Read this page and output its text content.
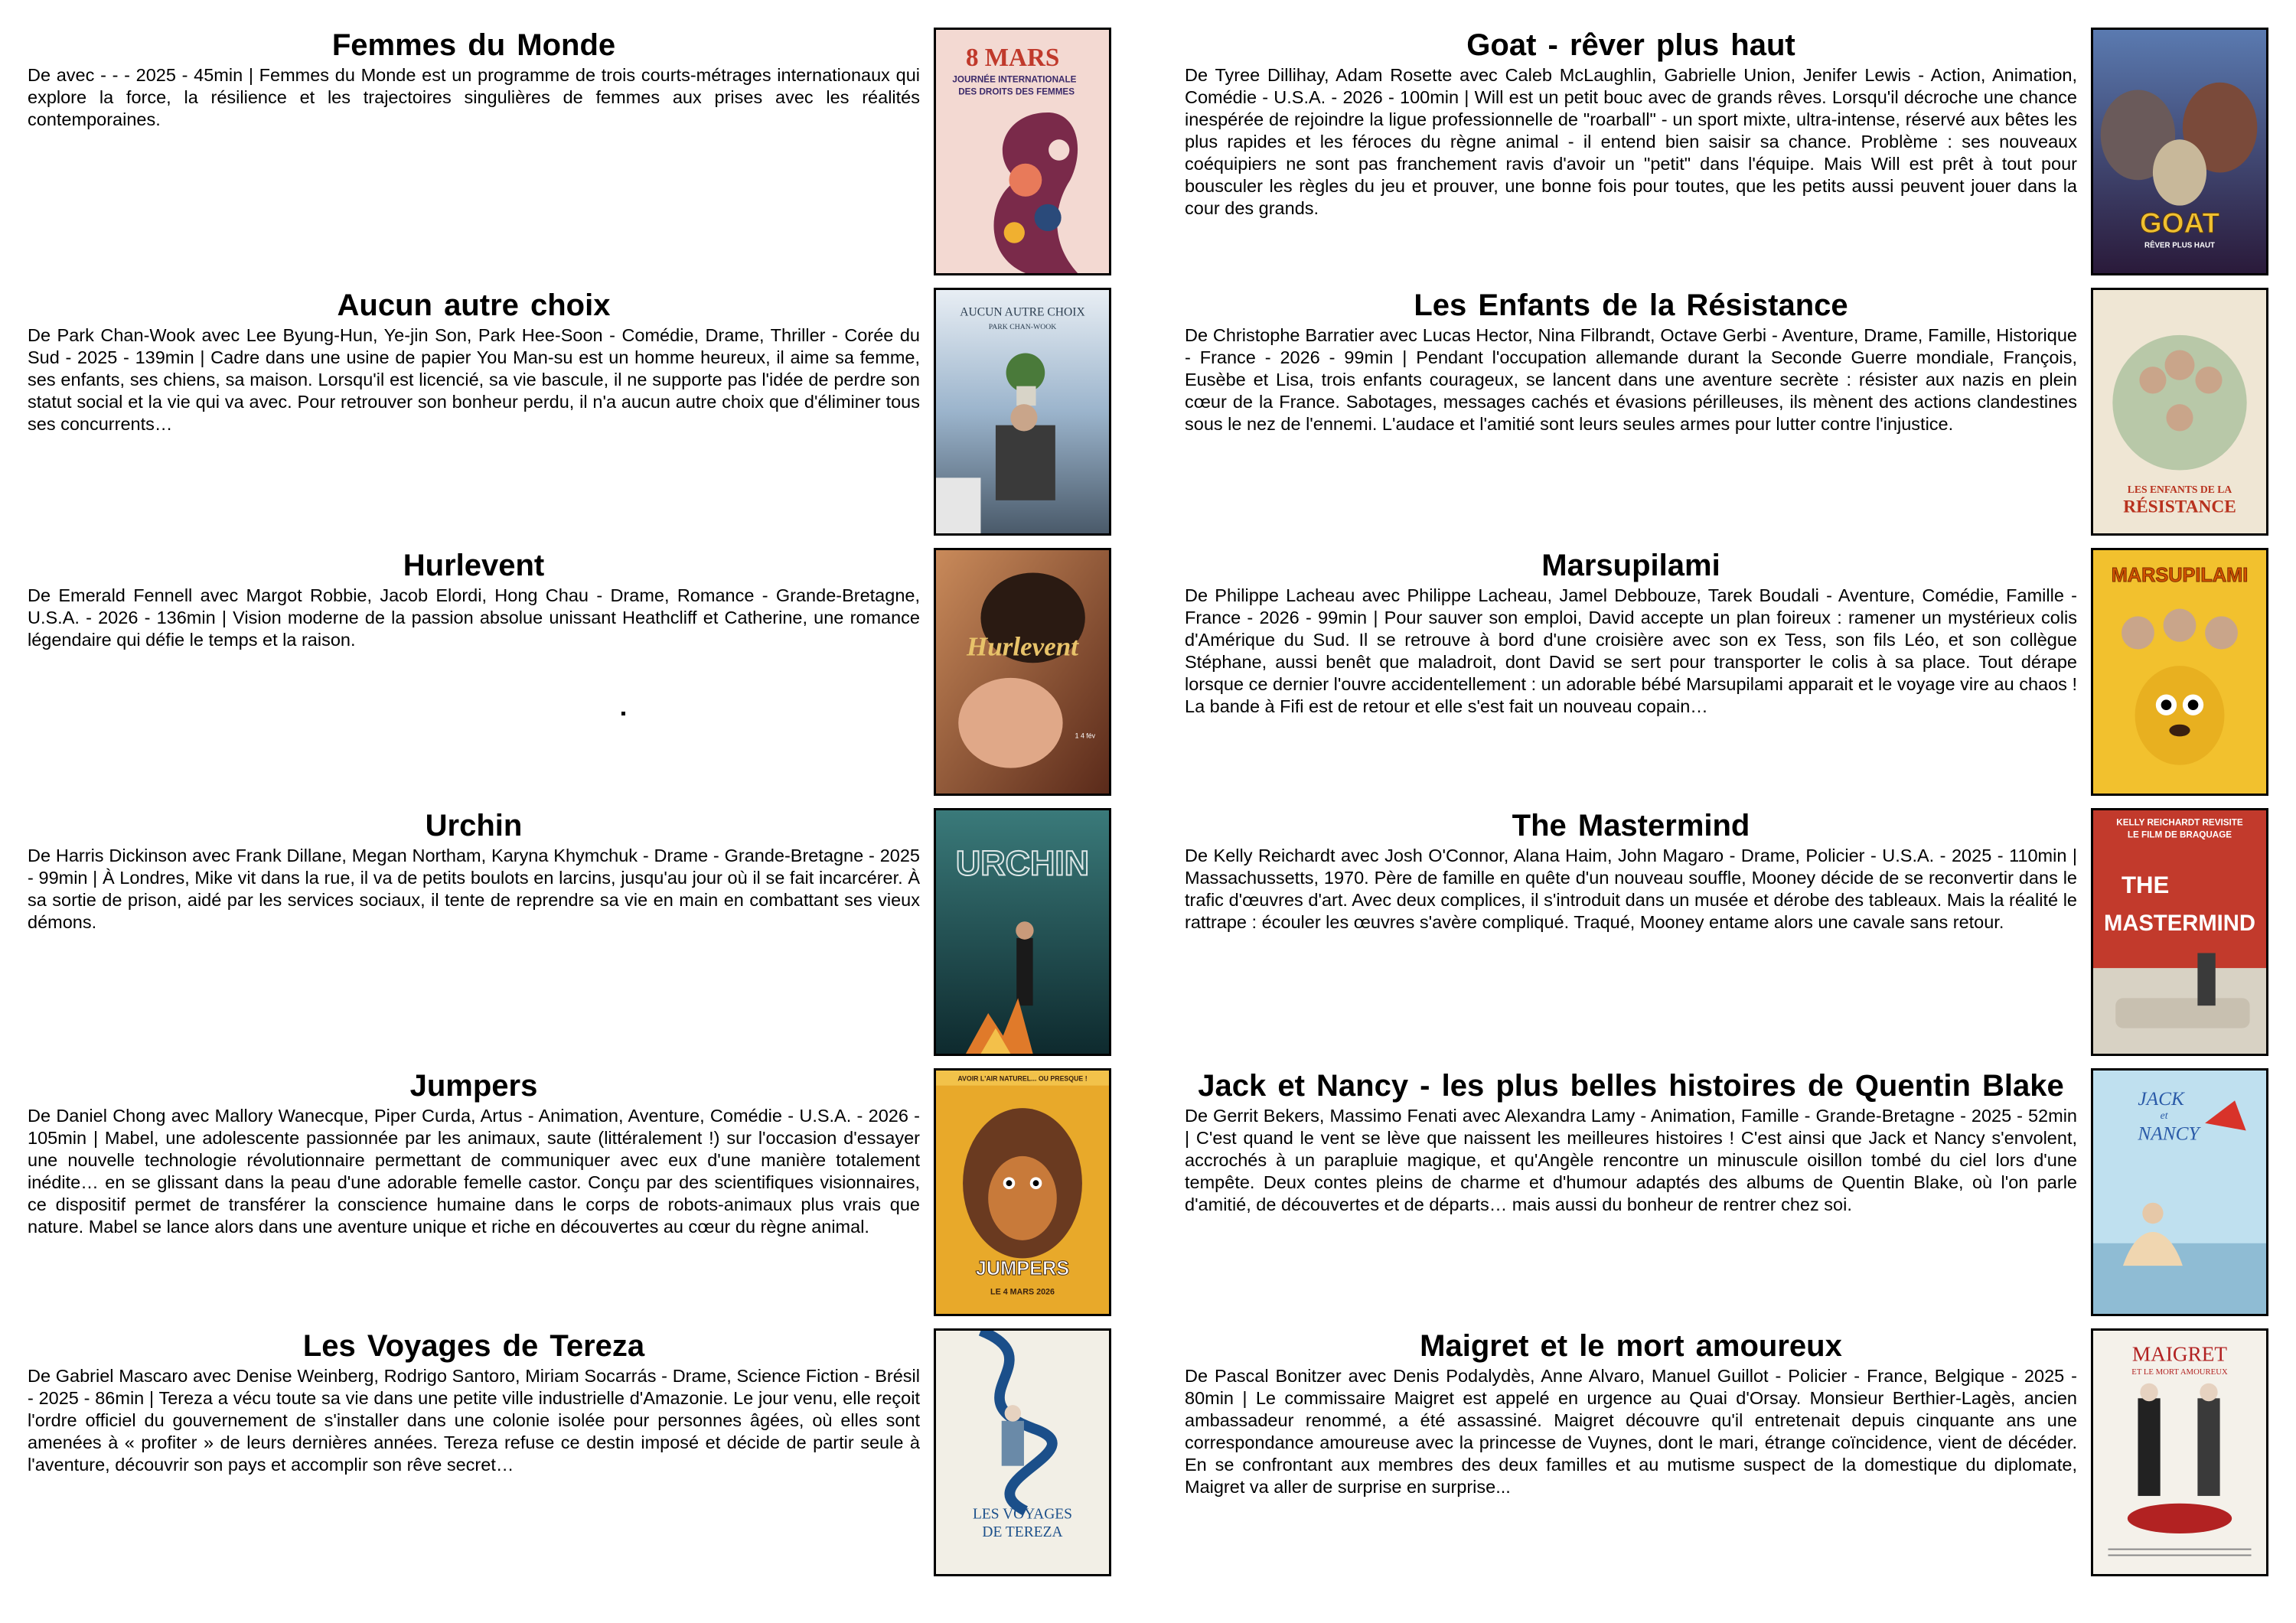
Femmes du Monde

De avec - - - 2025 - 45min | Femmes du Monde est un programme de trois courts-métrages internationaux qui explore la force, la résilience et les trajectoires singulières de femmes aux prises avec les réalités contemporaines.

8 MARS
JOURNÉE INTERNATIONALE
DES DROITS DES FEMMES
Aucun autre choix

De Park Chan-Wook avec Lee Byung-Hun, Ye-jin Son, Park Hee-Soon - Comédie, Drame, Thriller - Corée du Sud - 2025 - 139min | Cadre dans une usine de papier You Man-su est un homme heureux, il aime sa femme, ses enfants, ses chiens, sa maison. Lorsqu'il est licencié, sa vie bascule, il ne supporte pas l'idée de perdre son statut social et la vie qui va avec. Pour retrouver son bonheur perdu, il n'a aucun autre choix que d'éliminer tous ses concurrents…

AUCUN AUTRE CHOIX
PARK CHAN-WOOK
Hurlevent

De Emerald Fennell avec Margot Robbie, Jacob Elordi, Hong Chau - Drame, Romance - Grande-Bretagne, U.S.A. - 2026 - 136min | Vision moderne de la passion absolue unissant Heathcliff et Catherine, une romance légendaire qui défie le temps et la raison.	Hurlevent
1 4 fév
Urchin

De Harris Dickinson avec Frank Dillane, Megan Northam, Karyna Khymchuk - Drame - Grande-Bretagne - 2025 - 99min | À Londres, Mike vit dans la rue, il va de petits boulots en larcins, jusqu'au jour où il se fait incarcérer. À sa sortie de prison, aidé par les services sociaux, il tente de reprendre sa vie en main en combattant ses vieux démons.

URCHIN
Jumpers

De Daniel Chong avec Mallory Wanecque, Piper Curda, Artus - Animation, Aventure, Comédie - U.S.A. - 2026 - 105min | Mabel, une adolescente passionnée par les animaux, saute (littéralement !) sur l'occasion d'essayer une nouvelle technologie révolutionnaire permettant de communiquer avec eux d'une manière totalement inédite… en se glissant dans la peau d'une adorable femelle castor. Conçu par des scientifiques visionnaires, ce dispositif permet de transférer la conscience humaine dans le corps de robots-animaux plus vrais que nature. Mabel se lance alors dans une aventure unique et riche en découvertes au cœur du règne animal.

AVOIR L'AIR NATUREL... OU PRESQUE !
JUMPERS
LE 4 MARS 2026
Les Voyages de Tereza

De Gabriel Mascaro avec Denise Weinberg, Rodrigo Santoro, Miriam Socarrás - Drame, Science Fiction - Brésil - 2025 - 86min | Tereza a vécu toute sa vie dans une petite ville industrielle d'Amazonie. Le jour venu, elle reçoit l'ordre officiel du gouvernement de s'installer dans une colonie isolée pour personnes âgées, où elles sont amenées à « profiter » de leurs dernières années. Tereza refuse ce destin imposé et décide de partir seule à l'aventure, découvrir son pays et accomplir son rêve secret…

LES VOYAGES
DE TEREZA
Goat - rêver plus haut

De Tyree Dillihay, Adam Rosette avec Caleb McLaughlin, Gabrielle Union, Jenifer Lewis - Action, Animation, Comédie - U.S.A. - 2026 - 100min | Will est un petit bouc avec de grands rêves. Lorsqu'il décroche une chance inespérée de rejoindre la ligue professionnelle de "roarball" - un sport mixte, ultra-intense, réservé aux bêtes les plus rapides et les féroces du règne animal - il entend bien saisir sa chance. Problème : ses nouveaux coéquipiers ne sont pas franchement ravis d'avoir un "petit" dans l'équipe. Mais Will est prêt à tout pour bousculer les règles du jeu et prouver, une bonne fois pour toutes, que les petits aussi peuvent jouer dans la cour des grands.	GOAT
RÊVER PLUS HAUT
Les Enfants de la Résistance

De Christophe Barratier avec Lucas Hector, Nina Filbrandt, Octave Gerbi - Aventure, Drame, Famille, Historique - France - 2026 - 99min | Pendant l'occupation allemande durant la Seconde Guerre mondiale, François, Eusèbe et Lisa, trois enfants courageux, se lancent dans une aventure secrète : résister aux nazis en plein cœur de la France. Sabotages, messages cachés et évasions périlleuses, ils mènent des actions clandestines sous le nez de l'ennemi. L'audace et l'amitié sont leurs seules armes pour lutter contre l'injustice.

LES ENFANTS DE LA
RÉSISTANCE
Marsupilami

De Philippe Lacheau avec Philippe Lacheau, Jamel Debbouze, Tarek Boudali - Aventure, Comédie, Famille - France - 2026 - 99min | Pour sauver son emploi, David accepte un plan foireux : ramener un mystérieux colis d'Amérique du Sud. Il se retrouve à bord d'une croisière avec son ex Tess, son fils Léo, et son collègue Stéphane, aussi benêt que maladroit, dont David se sert pour transporter le colis à sa place. Tout dérape lorsque ce dernier l'ouvre accidentellement : un adorable bébé Marsupilami apparait et le voyage vire au chaos ! La bande à Fifi est de retour et elle s'est fait un nouveau copain…

MARSUPILAMI
The Mastermind

De Kelly Reichardt avec Josh O'Connor, Alana Haim, John Magaro - Drame, Policier - U.S.A. - 2025 - 110min | Massachussetts, 1970. Père de famille en quête d'un nouveau souffle, Mooney décide de se reconvertir dans le trafic d'œuvres d'art. Avec deux complices, il s'introduit dans un musée et dérobe des tableaux. Mais la réalité le rattrape : écouler les œuvres s'avère compliqué. Traqué, Mooney entame alors une cavale sans retour.

KELLY REICHARDT REVISITE
LE FILM DE BRAQUAGE
THE
MASTERMIND
Jack et Nancy - les plus belles histoires de Quentin Blake

De Gerrit Bekers, Massimo Fenati avec Alexandra Lamy - Animation, Famille - Grande-Bretagne - 2025 - 52min | C'est quand le vent se lève que naissent les meilleures histoires ! C'est ainsi que Jack et Nancy s'envolent, accrochés à un parapluie magique, et qu'Angèle rencontre un minuscule oisillon tombé du ciel lors d'une tempête. Deux contes pleins de charme et d'humour adaptés des albums de Quentin Blake, où l'on parle d'amitié, de découvertes et de départs… mais aussi du bonheur de rentrer chez soi.

JACK
et
NANCY
Maigret et le mort amoureux

De Pascal Bonitzer avec Denis Podalydès, Anne Alvaro, Manuel Guillot - Policier - France, Belgique - 2025 - 80min | Le commissaire Maigret est appelé en urgence au Quai d'Orsay. Monsieur Berthier-Lagès, ancien ambassadeur renommé, a été assassiné. Maigret découvre qu'il entretenait depuis cinquante ans une correspondance amoureuse avec la princesse de Vuynes, dont le mari, étrange coïncidence, vient de décéder. En se confrontant aux membres des deux familles et au mutisme suspect de la domestique du diplomate, Maigret va aller de surprise en surprise...

MAIGRET
ET LE MORT AMOUREUX
